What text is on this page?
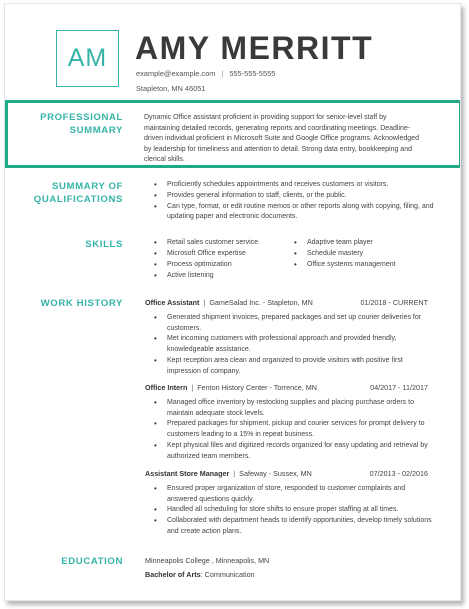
AM AMY MERRITT
example@example.com | 555-555-5555
Stapleton, MN 46051
PROFESSIONAL
SUMMARY
Dynamic Office assistant proficient in providing support for senior-level staff by maintaining detailed records, generating reports and coordinating meetings. Deadline-driven individual proficient in Microsoft Suite and Google Office programs. Acknowledged by leadership for timeliness and attention to detail. Strong data entry, bookkeeping and clerical skills.
SUMMARY OF
QUALIFICATIONS
• Proficiently schedules appointments and receives customers or visitors.
• Provides general information to staff, clients, or the public.
• Can type, format, or edit routine memos or other reports along with copying, filing, and updating paper and electronic documents.
SKILLS
•	Retail sales customer service
• Microsoft Office expertise
• Process optimization
• Active listening
• Adaptive team player
• Schedule mastery
• Office systems management
WORK HISTORY	Office Assistant | GameSalad Inc. - Stapleton, MN	01/2018 - CURRENT
• Generated shipment invoices, prepared packages and set up courier deliveries for customers.
• Met incoming customers with professional approach and provided friendly, knowledgeable assistance.
• Kept reception area clean and organized to provide visitors with positive first impression of company.
Office Intern | Fenton History Center - Torrence, MN	04/2017 - 11/2017
• Managed office inventory by restocking supplies and placing purchase orders to maintain adequate stock levels.
• Prepared packages for shipment, pickup and courier services for prompt delivery to customers leading to a 15% in repeat business.
• Kept physical files and digitized records organized for easy updating and retrieval by authorized team members.
Assistant Store Manager | Safeway - Sussex, MN	07/2013 - 02/2016
• Ensured proper organization of store, responded to customer complaints and answered questions quickly.
• Handled all scheduling for store shifts to ensure proper staffing at all times.
• Collaborated with department heads to identify opportunities, develop timely solutions and create action plans.
EDUCATION	Minneapolis College , Minneapolis, MN
Bachelor of Arts: Communication
